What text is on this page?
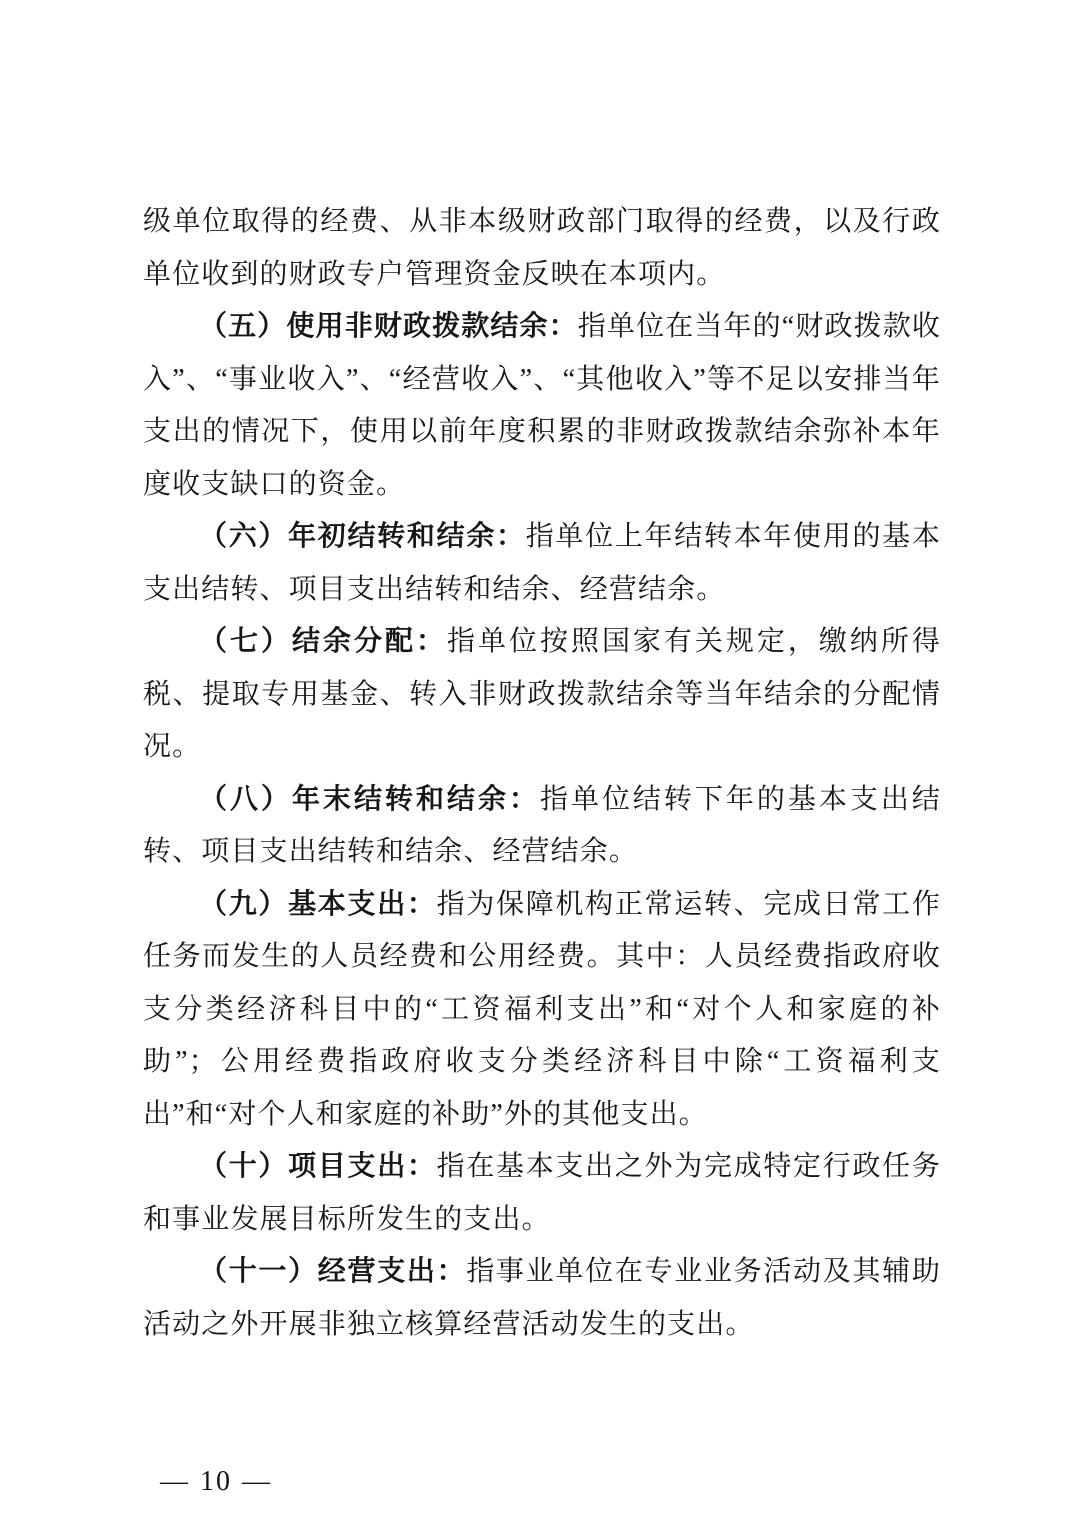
级单位取得的经费、从非本级财政部门取得的经费，以及行政单位收到的财政专户管理资金反映在本项内。

（五）使用非财政拨款结余：指单位在当年的“财政拨款收入”、“事业收入”、“经营收入”、“其他收入”等不足以安排当年支出的情况下，使用以前年度积累的非财政拨款结余弥补本年度收支缺口的资金。

（六）年初结转和结余：指单位上年结转本年使用的基本支出结转、项目支出结转和结余、经营结余。

（七）结余分配：指单位按照国家有关规定，缴纳所得税、提取专用基金、转入非财政拨款结余等当年结余的分配情况。

（八）年末结转和结余：指单位结转下年的基本支出结转、项目支出结转和结余、经营结余。

（九）基本支出：指为保障机构正常运转、完成日常工作任务而发生的人员经费和公用经费。其中：人员经费指政府收支分类经济科目中的“工资福利支出”和“对个人和家庭的补助”；公用经费指政府收支分类经济科目中除“工资福利支出”和“对个人和家庭的补助”外的其他支出。

（十）项目支出：指在基本支出之外为完成特定行政任务和事业发展目标所发生的支出。

（十一）经营支出：指事业单位在专业业务活动及其辅助活动之外开展非独立核算经营活动发生的支出。

— 10 —
